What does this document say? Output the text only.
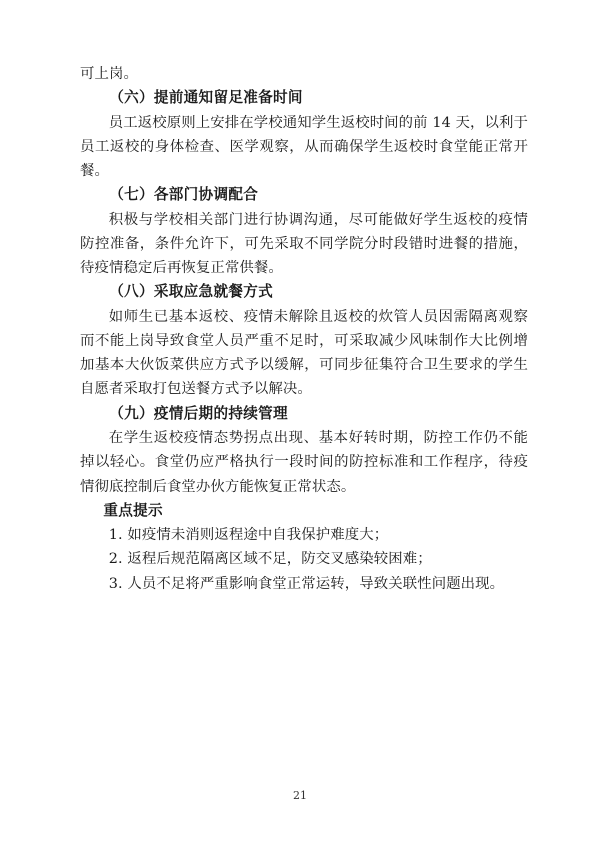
可上岗。

（六）提前通知留足准备时间

员工返校原则上安排在学校通知学生返校时间的前 14 天，以利于员工返校的身体检查、医学观察，从而确保学生返校时食堂能正常开餐。

（七）各部门协调配合

积极与学校相关部门进行协调沟通，尽可能做好学生返校的疫情防控准备，条件允许下，可先采取不同学院分时段错时进餐的措施，待疫情稳定后再恢复正常供餐。

（八）采取应急就餐方式

如师生已基本返校、疫情未解除且返校的炊管人员因需隔离观察而不能上岗导致食堂人员严重不足时，可采取减少风味制作大比例增加基本大伙饭菜供应方式予以缓解，可同步征集符合卫生要求的学生自愿者采取打包送餐方式予以解决。

（九）疫情后期的持续管理

在学生返校疫情态势拐点出现、基本好转时期，防控工作仍不能掉以轻心。食堂仍应严格执行一段时间的防控标准和工作程序，待疫情彻底控制后食堂办伙方能恢复正常状态。

重点提示

1. 如疫情未消则返程途中自我保护难度大；

2. 返程后规范隔离区域不足，防交叉感染较困难；

3. 人员不足将严重影响食堂正常运转，导致关联性问题出现。

21
